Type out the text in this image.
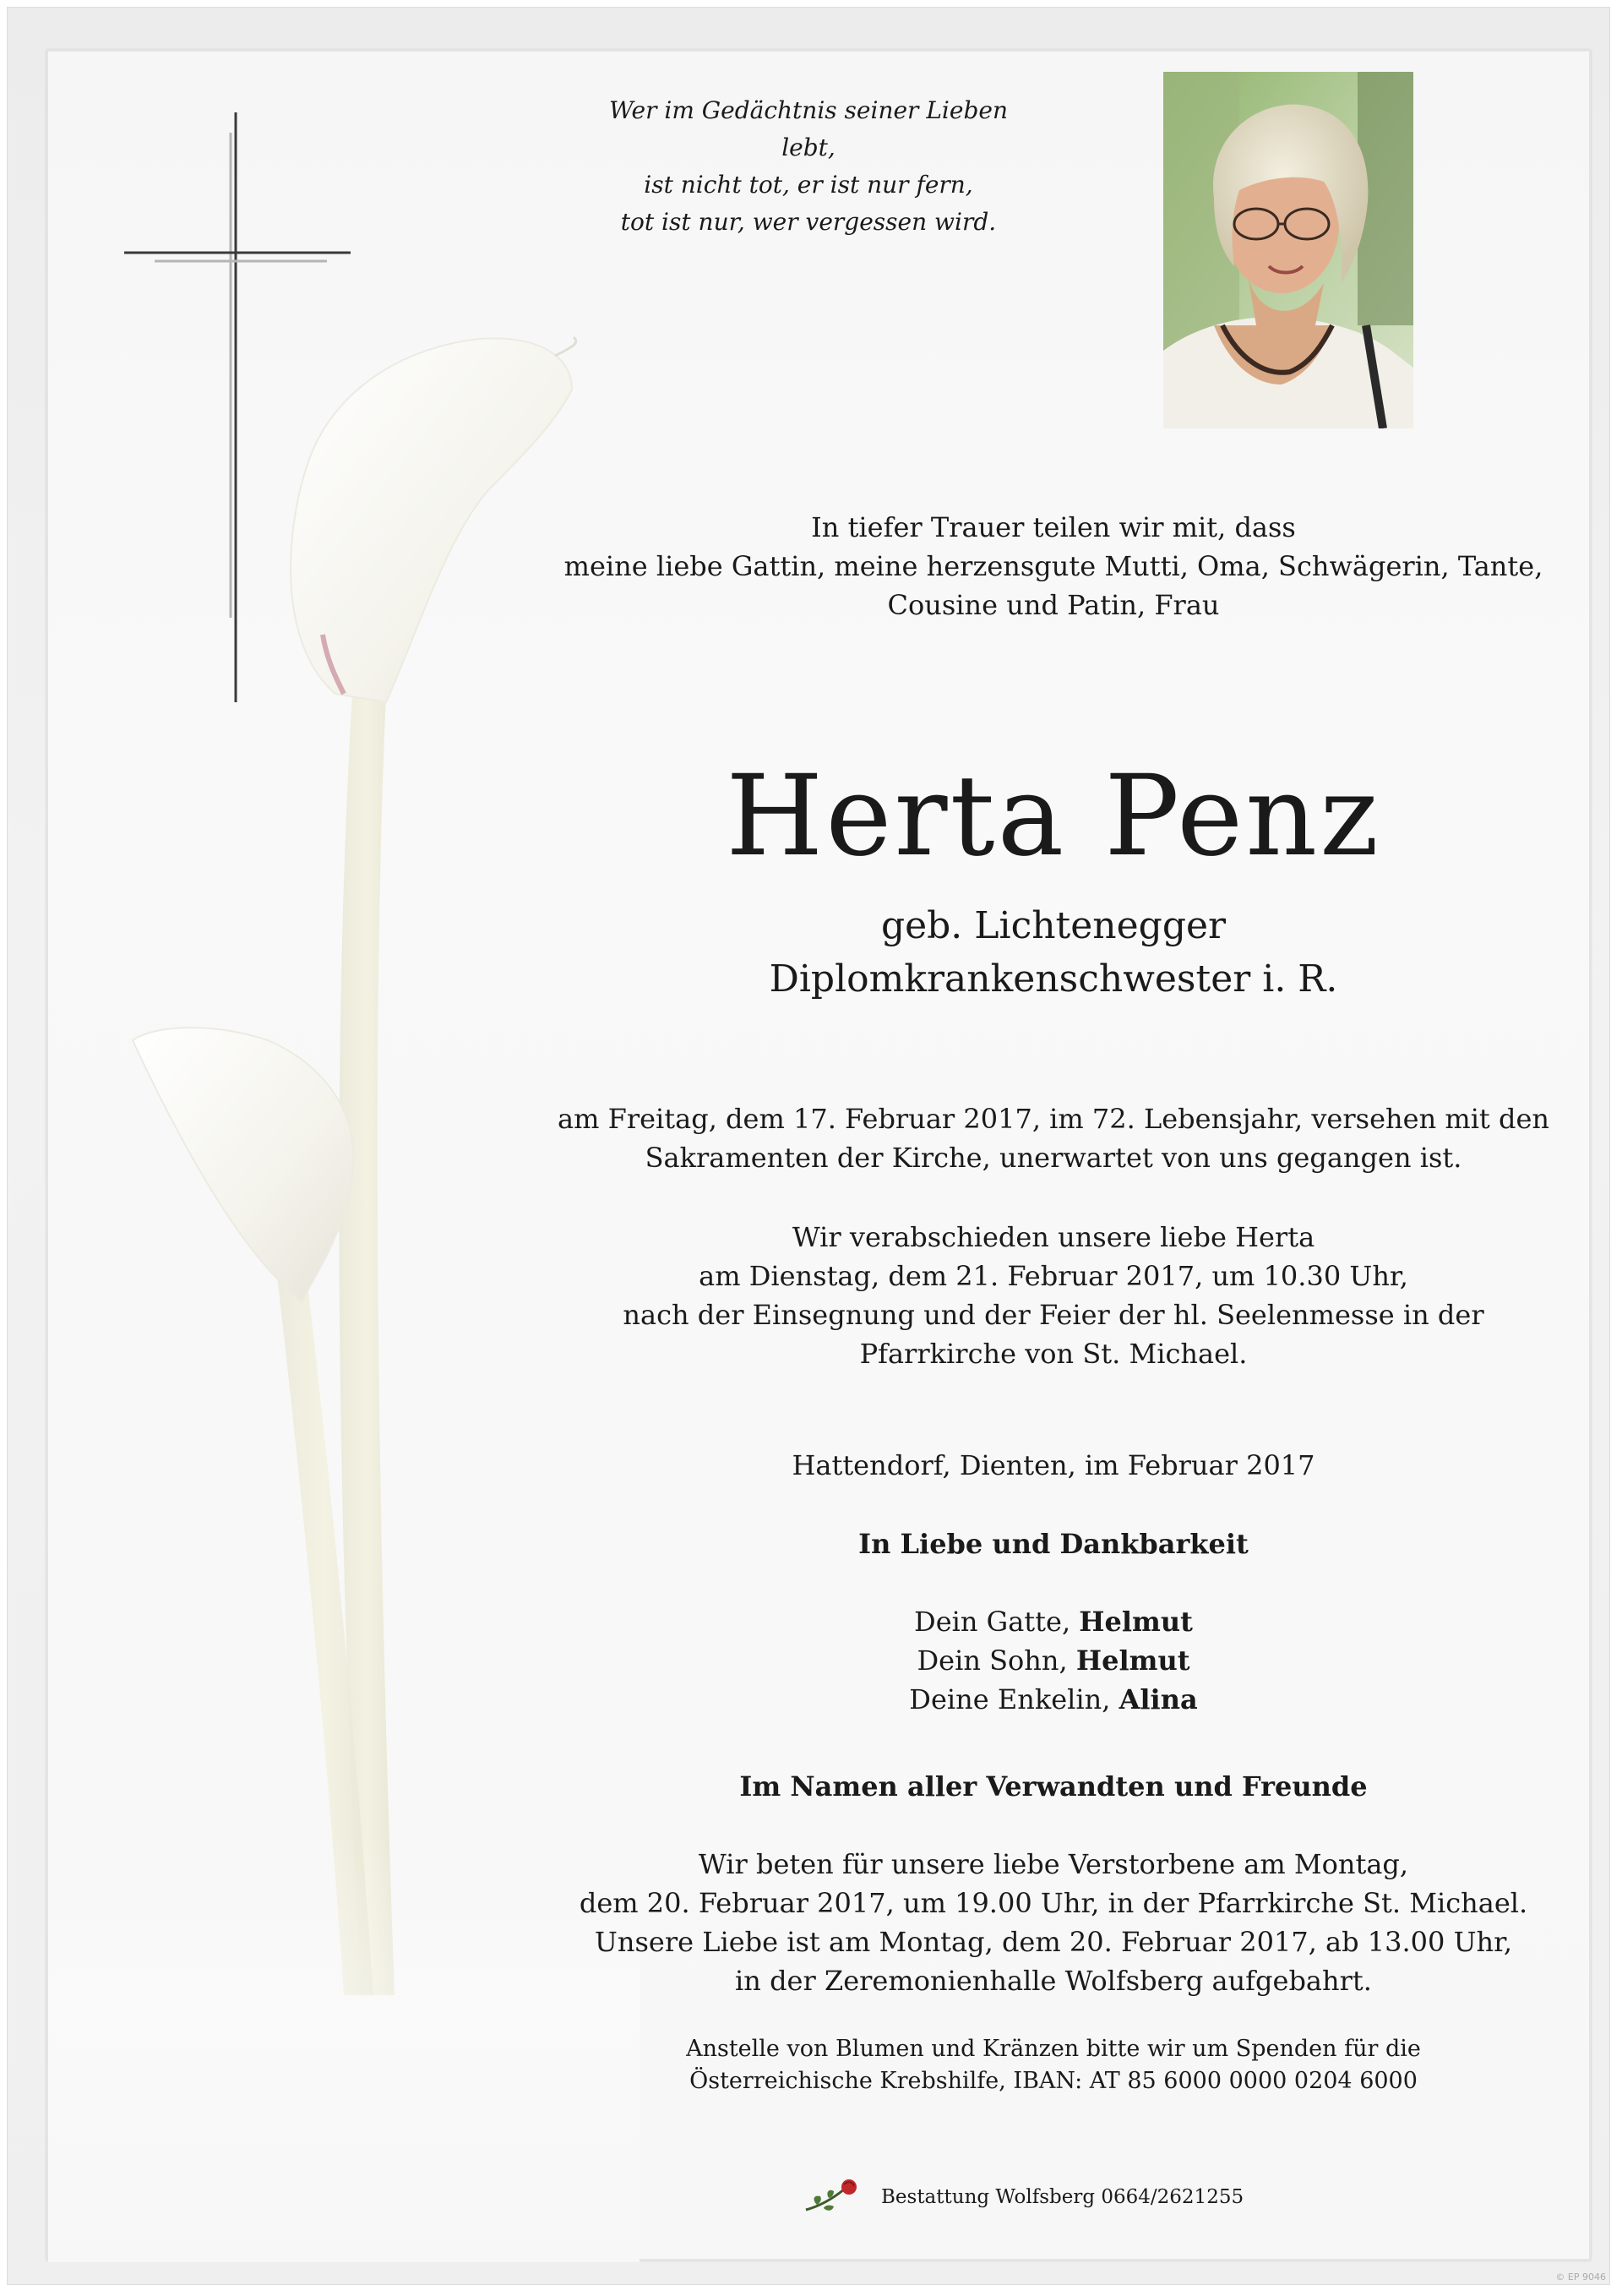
Wer im Gedächtnis seiner Lieben lebt,
ist nicht tot, er ist nur fern,
tot ist nur, wer vergessen wird.
In tiefer Trauer teilen wir mit, dass
meine liebe Gattin, meine herzensgute Mutti, Oma, Schwägerin, Tante,
Cousine und Patin, Frau
Herta Penz
geb. Lichtenegger
Diplomkrankenschwester i. R.
am Freitag, dem 17. Februar 2017, im 72. Lebensjahr, versehen mit den
Sakramenten der Kirche, unerwartet von uns gegangen ist.
Wir verabschieden unsere liebe Herta
am Dienstag, dem 21. Februar 2017, um 10.30 Uhr,
nach der Einsegnung und der Feier der hl. Seelenmesse in der
Pfarrkirche von St. Michael.
Hattendorf, Dienten, im Februar 2017
In Liebe und Dankbarkeit
Dein Gatte, Helmut
Dein Sohn, Helmut
Deine Enkelin, Alina
Im Namen aller Verwandten und Freunde
Wir beten für unsere liebe Verstorbene am Montag,
dem 20. Februar 2017, um 19.00 Uhr, in der Pfarrkirche St. Michael.
Unsere Liebe ist am Montag, dem 20. Februar 2017, ab 13.00 Uhr,
in der Zeremonienhalle Wolfsberg aufgebahrt.
Anstelle von Blumen und Kränzen bitte wir um Spenden für die
Österreichische Krebshilfe, IBAN: AT 85 6000 0000 0204 6000
Bestattung Wolfsberg 0664/2621255
© EP 9046
